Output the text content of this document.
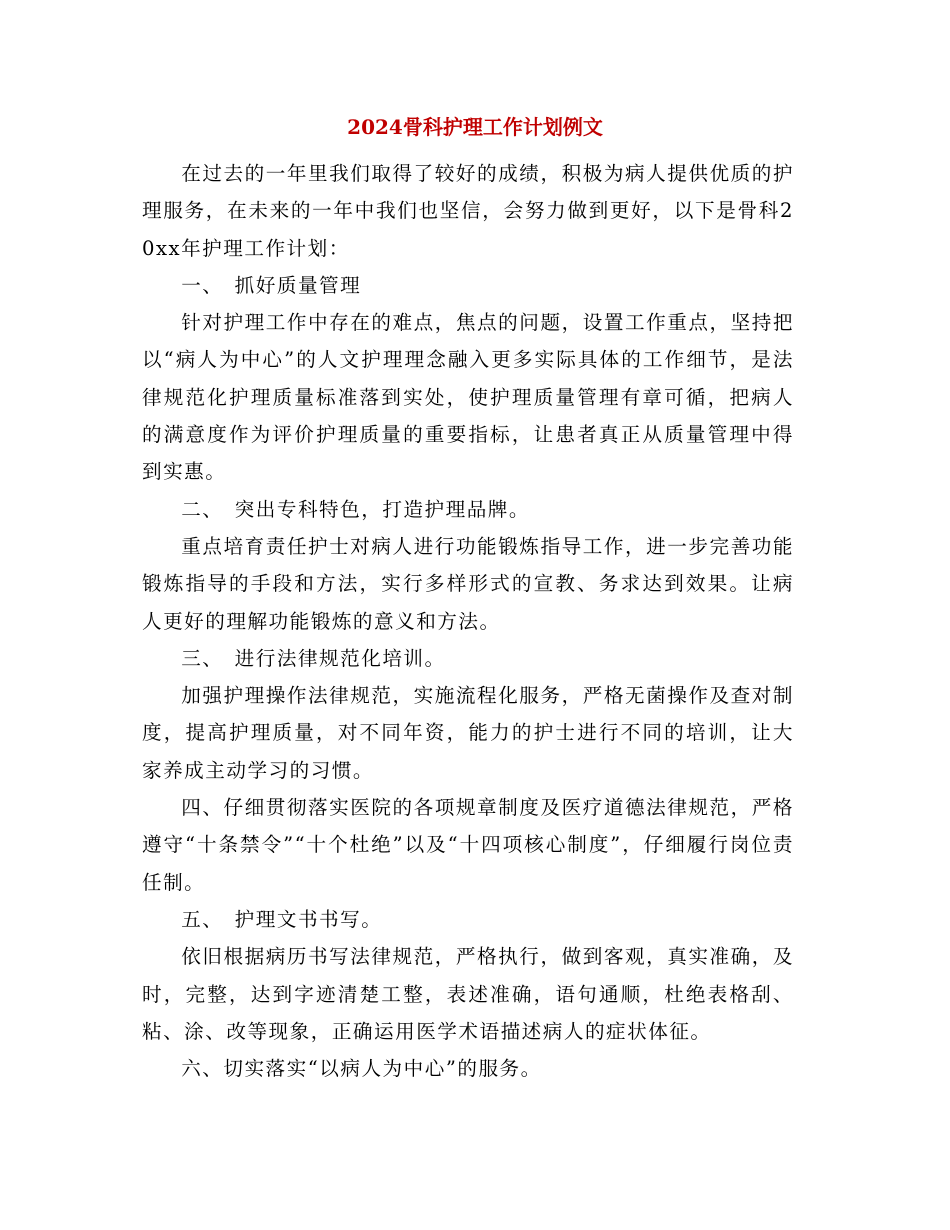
2024骨科护理工作计划例文

在过去的一年里我们取得了较好的成绩，积极为病人提供优质的护理服务，在未来的一年中我们也坚信，会努力做到更好，以下是骨科20xx年护理工作计划：

一、　抓好质量管理

针对护理工作中存在的难点，焦点的问题，设置工作重点，坚持把以“病人为中心”的人文护理理念融入更多实际具体的工作细节，是法律规范化护理质量标准落到实处，使护理质量管理有章可循，把病人的满意度作为评价护理质量的重要指标，让患者真正从质量管理中得到实惠。

二、　突出专科特色，打造护理品牌。

重点培育责任护士对病人进行功能锻炼指导工作，进一步完善功能锻炼指导的手段和方法，实行多样形式的宣教、务求达到效果。让病人更好的理解功能锻炼的意义和方法。

三、　进行法律规范化培训。

加强护理操作法律规范，实施流程化服务，严格无菌操作及查对制度，提高护理质量，对不同年资，能力的护士进行不同的培训，让大家养成主动学习的习惯。

四、仔细贯彻落实医院的各项规章制度及医疗道德法律规范，严格遵守“十条禁令”“十个杜绝”以及“十四项核心制度”，仔细履行岗位责任制。

五、　护理文书书写。

依旧根据病历书写法律规范，严格执行，做到客观，真实准确，及时，完整，达到字迹清楚工整，表述准确，语句通顺，杜绝表格刮、粘、涂、改等现象，正确运用医学术语描述病人的症状体征。

六、切实落实“以病人为中心”的服务。
